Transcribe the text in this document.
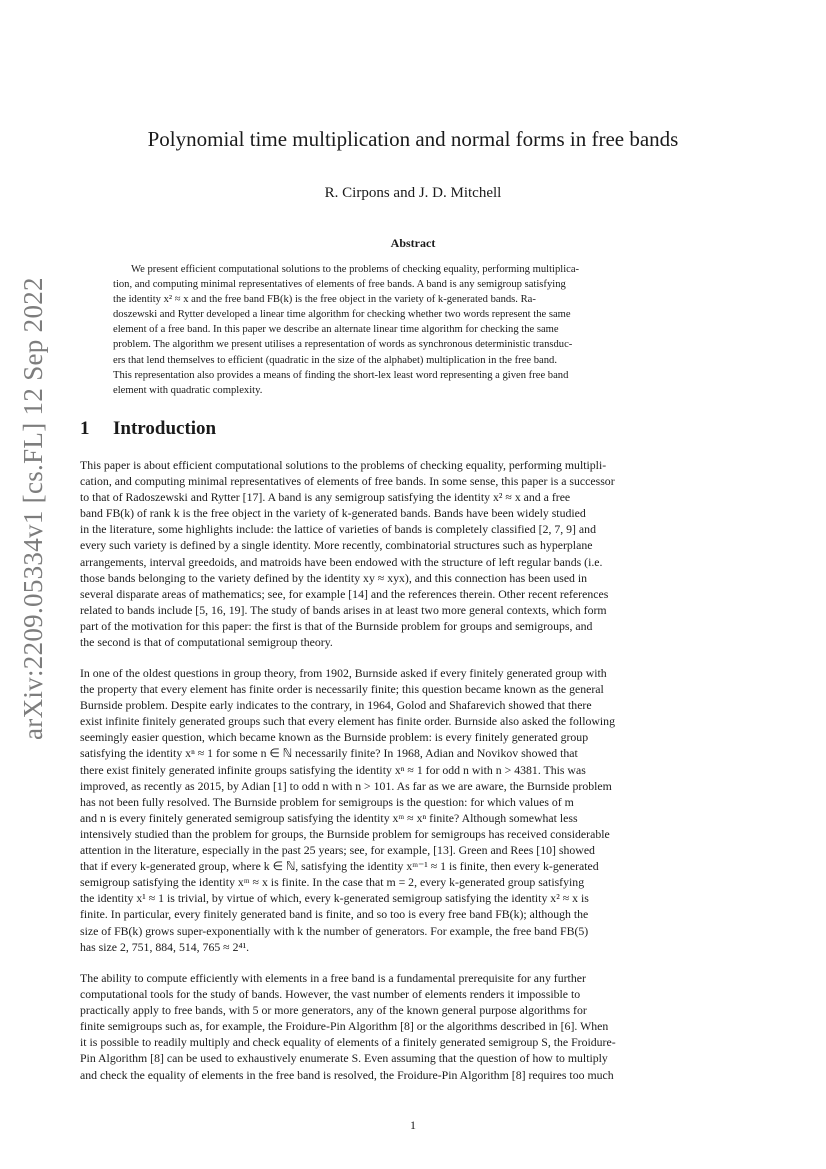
arXiv:2209.05334v1 [cs.FL] 12 Sep 2022
Polynomial time multiplication and normal forms in free bands
R. Cirpons and J. D. Mitchell
Abstract
We present efficient computational solutions to the problems of checking equality, performing multiplica-
tion, and computing minimal representatives of elements of free bands. A band is any semigroup satisfying
the identity x² ≈ x and the free band FB(k) is the free object in the variety of k-generated bands. Ra-
doszewski and Rytter developed a linear time algorithm for checking whether two words represent the same
element of a free band. In this paper we describe an alternate linear time algorithm for checking the same
problem. The algorithm we present utilises a representation of words as synchronous deterministic transduc-
ers that lend themselves to efficient (quadratic in the size of the alphabet) multiplication in the free band.
This representation also provides a means of finding the short-lex least word representing a given free band
element with quadratic complexity.
1 Introduction
This paper is about efficient computational solutions to the problems of checking equality, performing multipli-
cation, and computing minimal representatives of elements of free bands. In some sense, this paper is a successor
to that of Radoszewski and Rytter [17]. A band is any semigroup satisfying the identity x² ≈ x and a free
band FB(k) of rank k is the free object in the variety of k-generated bands. Bands have been widely studied
in the literature, some highlights include: the lattice of varieties of bands is completely classified [2, 7, 9] and
every such variety is defined by a single identity. More recently, combinatorial structures such as hyperplane
arrangements, interval greedoids, and matroids have been endowed with the structure of left regular bands (i.e.
those bands belonging to the variety defined by the identity xy ≈ xyx), and this connection has been used in
several disparate areas of mathematics; see, for example [14] and the references therein. Other recent references
related to bands include [5, 16, 19]. The study of bands arises in at least two more general contexts, which form
part of the motivation for this paper: the first is that of the Burnside problem for groups and semigroups, and
the second is that of computational semigroup theory.
In one of the oldest questions in group theory, from 1902, Burnside asked if every finitely generated group with
the property that every element has finite order is necessarily finite; this question became known as the general
Burnside problem. Despite early indicates to the contrary, in 1964, Golod and Shafarevich showed that there
exist infinite finitely generated groups such that every element has finite order. Burnside also asked the following
seemingly easier question, which became known as the Burnside problem: is every finitely generated group
satisfying the identity xⁿ ≈ 1 for some n ∈ ℕ necessarily finite? In 1968, Adian and Novikov showed that
there exist finitely generated infinite groups satisfying the identity xⁿ ≈ 1 for odd n with n > 4381. This was
improved, as recently as 2015, by Adian [1] to odd n with n > 101. As far as we are aware, the Burnside problem
has not been fully resolved. The Burnside problem for semigroups is the question: for which values of m
and n is every finitely generated semigroup satisfying the identity xᵐ ≈ xⁿ finite? Although somewhat less
intensively studied than the problem for groups, the Burnside problem for semigroups has received considerable
attention in the literature, especially in the past 25 years; see, for example, [13]. Green and Rees [10] showed
that if every k-generated group, where k ∈ ℕ, satisfying the identity xᵐ⁻¹ ≈ 1 is finite, then every k-generated
semigroup satisfying the identity xᵐ ≈ x is finite. In the case that m = 2, every k-generated group satisfying
the identity x¹ ≈ 1 is trivial, by virtue of which, every k-generated semigroup satisfying the identity x² ≈ x is
finite. In particular, every finitely generated band is finite, and so too is every free band FB(k); although the
size of FB(k) grows super-exponentially with k the number of generators. For example, the free band FB(5)
has size 2, 751, 884, 514, 765 ≈ 2⁴¹.
The ability to compute efficiently with elements in a free band is a fundamental prerequisite for any further
computational tools for the study of bands. However, the vast number of elements renders it impossible to
practically apply to free bands, with 5 or more generators, any of the known general purpose algorithms for
finite semigroups such as, for example, the Froidure-Pin Algorithm [8] or the algorithms described in [6]. When
it is possible to readily multiply and check equality of elements of a finitely generated semigroup S, the Froidure-
Pin Algorithm [8] can be used to exhaustively enumerate S. Even assuming that the question of how to multiply
and check the equality of elements in the free band is resolved, the Froidure-Pin Algorithm [8] requires too much
1
